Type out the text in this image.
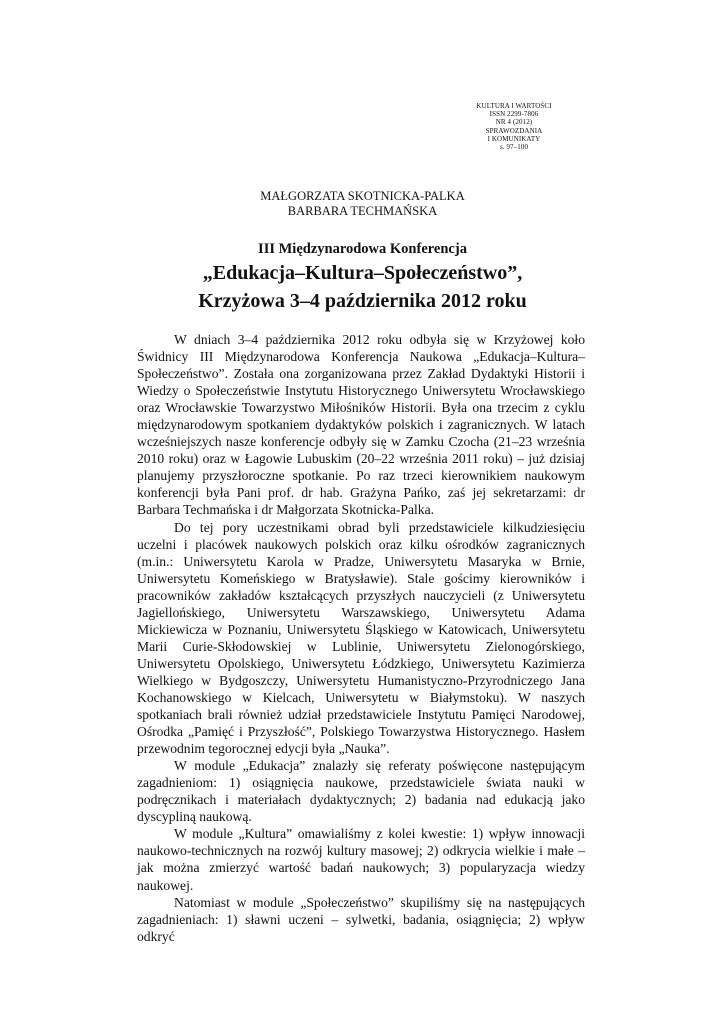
KULTURA I WARTOŚCI
ISSN 2299-7806
NR 4 (2012)
SPRAWOZDANIA
I KOMUNIKATY
s. 97–100
MAŁGORZATA SKOTNICKA-PALKA
BARBARA TECHMAŃSKA
III Międzynarodowa Konferencja
„Edukacja–Kultura–Społeczeństwo”,
Krzyżowa 3–4 października 2012 roku

W dniach 3–4 października 2012 roku odbyła się w Krzyżowej koło Świdnicy III Międzynarodowa Konferencja Naukowa „Edukacja–Kultura–Społeczeństwo”. Została ona zorganizowana przez Zakład Dydaktyki Historii i Wiedzy o Społeczeństwie Instytutu Historycznego Uniwersytetu Wrocławskiego oraz Wrocławskie Towarzystwo Miłośników Historii. Była ona trzecim z cyklu międzynarodowym spotkaniem dydaktyków polskich i zagranicznych. W latach wcześniejszych nasze konferencje odbyły się w Zamku Czocha (21–23 września 2010 roku) oraz w Łagowie Lubuskim (20–22 września 2011 roku) – już dzisiaj planujemy przyszłoroczne spotkanie. Po raz trzeci kierownikiem naukowym konferencji była Pani prof. dr hab. Grażyna Pańko, zaś jej sekretarzami: dr Barbara Techmańska i dr Małgorzata Skotnicka-Palka.

Do tej pory uczestnikami obrad byli przedstawiciele kilkudziesięciu uczelni i placówek naukowych polskich oraz kilku ośrodków zagranicznych (m.in.: Uniwersytetu Karola w Pradze, Uniwersytetu Masaryka w Brnie, Uniwersytetu Komeńskiego w Bratysławie). Stale gościmy kierowników i pracowników zakładów kształcących przyszłych nauczycieli (z Uniwersytetu Jagiellońskiego, Uniwersytetu Warszawskiego, Uniwersytetu Adama Mickiewicza w Poznaniu, Uniwersytetu Śląskiego w Katowicach, Uniwersytetu Marii Curie-Skłodowskiej w Lublinie, Uniwersytetu Zielonogórskiego, Uniwersytetu Opolskiego, Uniwersytetu Łódzkiego, Uniwersytetu Kazimierza Wielkiego w Bydgoszczy, Uniwersytetu Humanistyczno-Przyrodniczego Jana Kochanowskiego w Kielcach, Uniwersytetu w Białymstoku). W naszych spotkaniach brali również udział przedstawiciele Instytutu Pamięci Narodowej, Ośrodka „Pamięć i Przyszłość”, Polskiego Towarzystwa Historycznego. Hasłem przewodnim tegorocznej edycji była „Nauka”.

W module „Edukacja” znalazły się referaty poświęcone następującym zagadnieniom: 1) osiągnięcia naukowe, przedstawiciele świata nauki w podręcznikach i materiałach dydaktycznych; 2) badania nad edukacją jako dyscypliną naukową.

W module „Kultura” omawialiśmy z kolei kwestie: 1) wpływ innowacji naukowo-technicznych na rozwój kultury masowej; 2) odkrycia wielkie i małe – jak można zmierzyć wartość badań naukowych; 3) popularyzacja wiedzy naukowej.

Natomiast w module „Społeczeństwo” skupiliśmy się na następujących zagadnieniach: 1) sławni uczeni – sylwetki, badania, osiągnięcia; 2) wpływ odkryć
